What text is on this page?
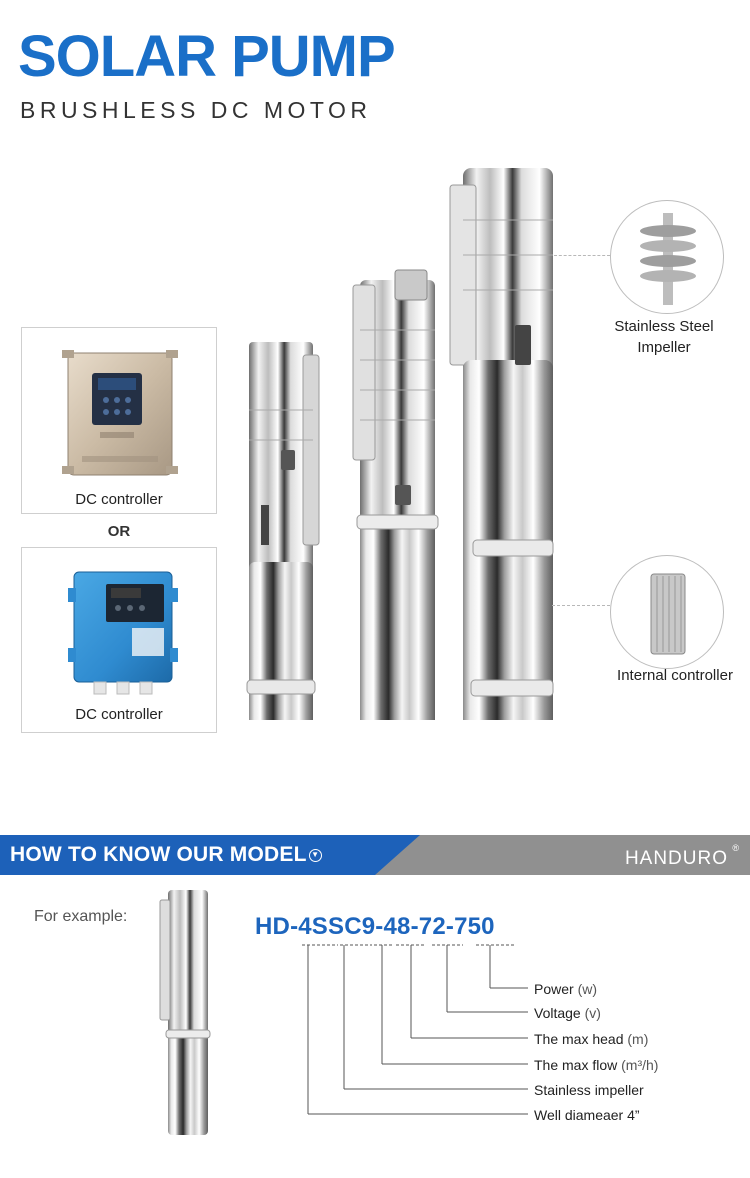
SOLAR PUMP
BRUSHLESS DC MOTOR
DC controller
OR
DC controller
Stainless Steel
Impeller
Internal controller
HOW TO KNOW OUR MODEL ▼	HANDURO ®
For example:	HD-4SSC9-48-72-750
Power (w)
Voltage (v)
The max head (m)
The max flow (m³/h)
Stainless impeller
Well diameaer 4”
